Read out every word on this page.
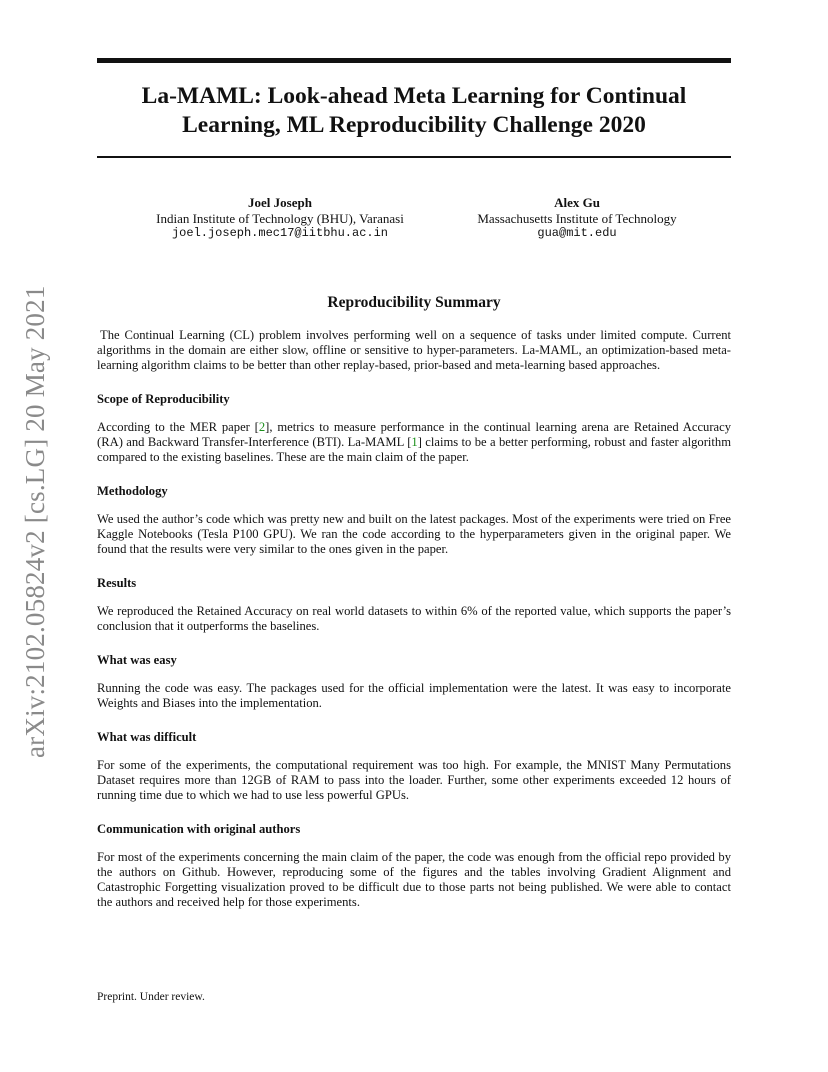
arXiv:2102.05824v2 [cs.LG] 20 May 2021
La-MAML: Look-ahead Meta Learning for Continual
Learning, ML Reproducibility Challenge 2020
Joel Joseph
Indian Institute of Technology (BHU), Varanasi
joel.joseph.mec17@iitbhu.ac.in
Alex Gu
Massachusetts Institute of Technology
gua@mit.edu
Reproducibility Summary

The Continual Learning (CL) problem involves performing well on a sequence of tasks under limited compute. Current algorithms in the domain are either slow, offline or sensitive to hyper-parameters. La-MAML, an optimization-based meta-learning algorithm claims to be better than other replay-based, prior-based and meta-learning based approaches.

Scope of Reproducibility

According to the MER paper [2], metrics to measure performance in the continual learning arena are Retained Accuracy (RA) and Backward Transfer-Interference (BTI). La-MAML [1] claims to be a better performing, robust and faster algorithm compared to the existing baselines. These are the main claim of the paper.

Methodology

We used the author’s code which was pretty new and built on the latest packages. Most of the experiments were tried on Free Kaggle Notebooks (Tesla P100 GPU). We ran the code according to the hyperparameters given in the original paper. We found that the results were very similar to the ones given in the paper.

Results

We reproduced the Retained Accuracy on real world datasets to within 6% of the reported value, which supports the paper’s conclusion that it outperforms the baselines.

What was easy

Running the code was easy. The packages used for the official implementation were the latest. It was easy to incorporate Weights and Biases into the implementation.

What was difficult

For some of the experiments, the computational requirement was too high. For example, the MNIST Many Permutations Dataset requires more than 12GB of RAM to pass into the loader. Further, some other experiments exceeded 12 hours of running time due to which we had to use less powerful GPUs.

Communication with original authors

For most of the experiments concerning the main claim of the paper, the code was enough from the official repo provided by the authors on Github. However, reproducing some of the figures and the tables involving Gradient Alignment and Catastrophic Forgetting visualization proved to be difficult due to those parts not being published. We were able to contact the authors and received help for those experiments.

Preprint. Under review.
